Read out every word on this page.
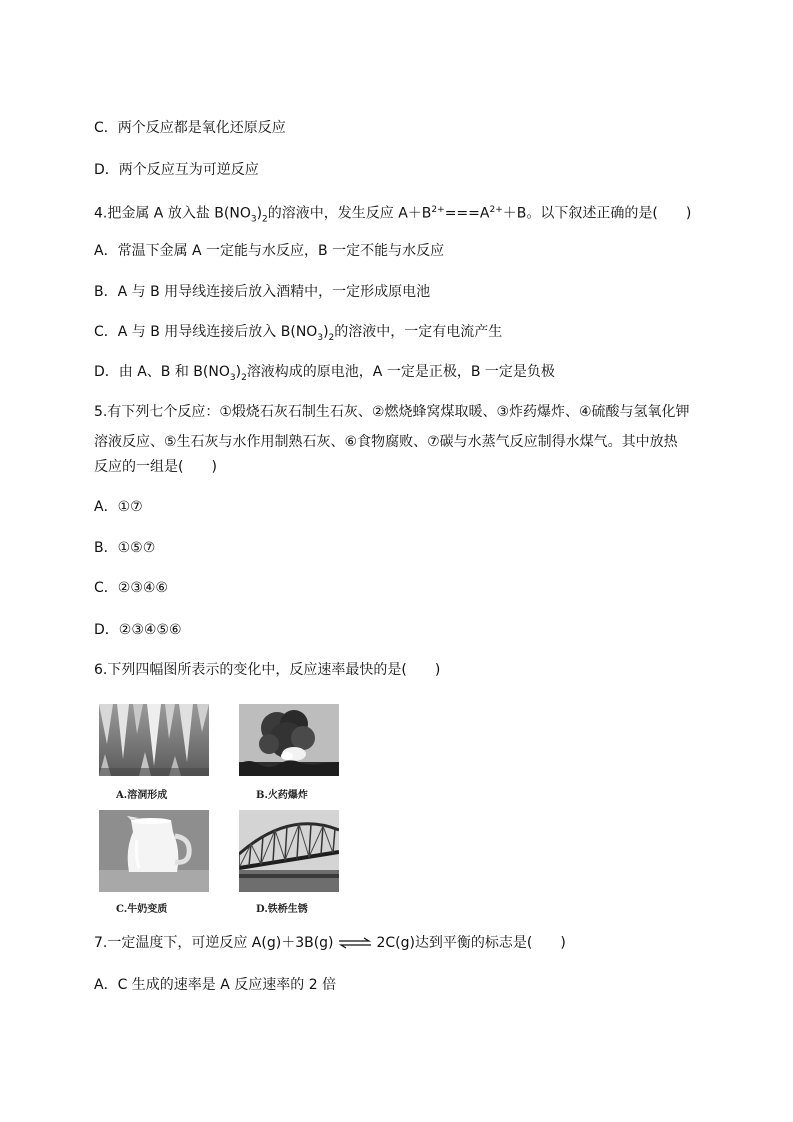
C．两个反应都是氧化还原反应
D．两个反应互为可逆反应
4.把金属 A 放入盐 $B(NO_3)_2$的溶液中，发生反应 $A+B^{2+}===A^{2+}+B$。以下叙述正确的是(　　)
A．常温下金属 A 一定能与水反应，B 一定不能与水反应
B．A 与 B 用导线连接后放入酒精中，一定形成原电池
C．A 与 B 用导线连接后放入 $B(NO_3)_2$的溶液中，一定有电流产生
D．由 A、B 和 $B(NO_3)_2$溶液构成的原电池，A 一定是正极，B 一定是负极
5.有下列七个反应：①煅烧石灰石制生石灰、②燃烧蜂窝煤取暖、③炸药爆炸、④硫酸与氢氧化钾
溶液反应、⑤生石灰与水作用制熟石灰、⑥食物腐败、⑦碳与水蒸气反应制得水煤气。其中放热
反应的一组是(　　)
A．①⑦
B．①⑤⑦
C．②③④⑥
D．②③④⑤⑥
6.下列四幅图所表示的变化中，反应速率最快的是(　　)
A.溶洞形成	B.火药爆炸
C.牛奶变质	D.铁桥生锈
7.一定温度下，可逆反应 A(g)＋3B(g) ⇌ 2C(g)达到平衡的标志是(　　)
A．C 生成的速率是 A 反应速率的 2 倍
